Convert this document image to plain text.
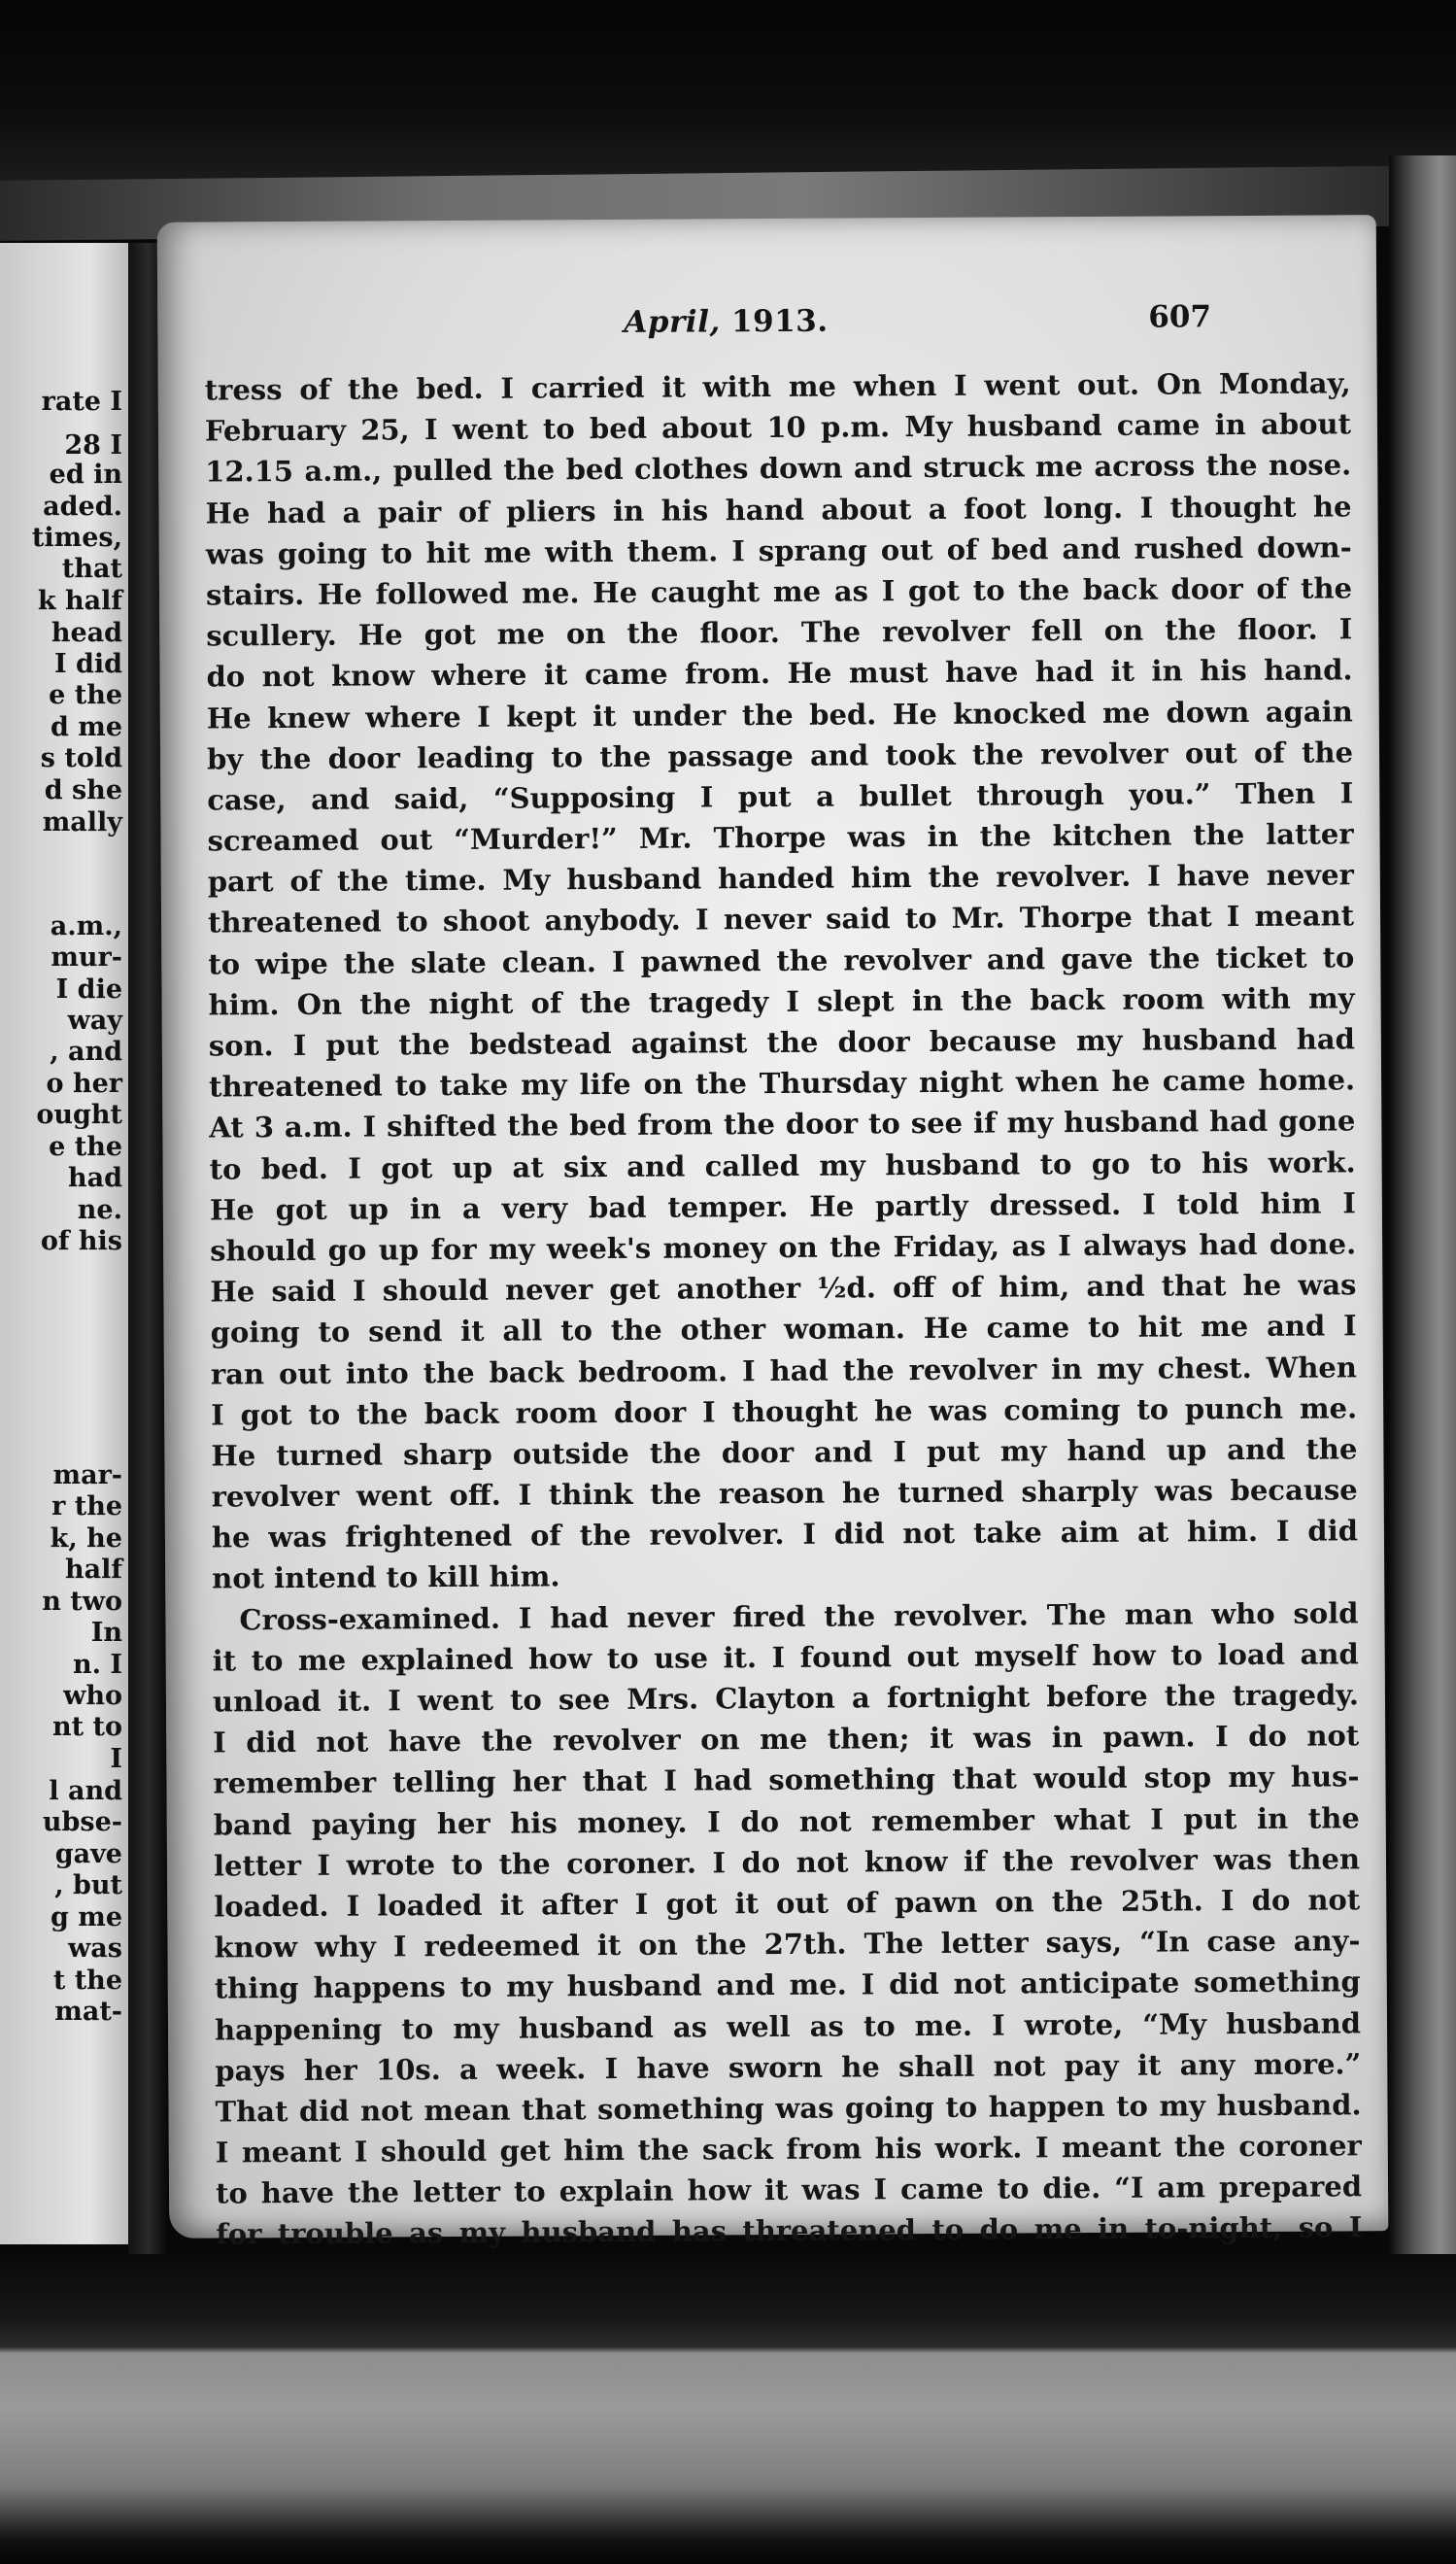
rate I
28 I
ed in
aded.
times,
that
k half
head
I did
e the
d me
s told
d she
mally
a.m.,
mur-
I die
way
, and
o her
ought
e the
had
ne.
of his
mar-
r the
k, he
half
n two
In
n. I
who
nt to
I
l and
ubse-
gave
, but
g me
was
t the
mat-
April, 1913.	607
tress of the bed. I carried it with me when I went out. On Monday,
February 25, I went to bed about 10 p.m. My husband came in about
12.15 a.m., pulled the bed clothes down and struck me across the nose.
He had a pair of pliers in his hand about a foot long. I thought he
was going to hit me with them. I sprang out of bed and rushed down-
stairs. He followed me. He caught me as I got to the back door of the
scullery. He got me on the floor. The revolver fell on the floor. I
do not know where it came from. He must have had it in his hand.
He knew where I kept it under the bed. He knocked me down again
by the door leading to the passage and took the revolver out of the
case, and said, “Supposing I put a bullet through you.” Then I
screamed out “Murder!” Mr. Thorpe was in the kitchen the latter
part of the time. My husband handed him the revolver. I have never
threatened to shoot anybody. I never said to Mr. Thorpe that I meant
to wipe the slate clean. I pawned the revolver and gave the ticket to
him. On the night of the tragedy I slept in the back room with my
son. I put the bedstead against the door because my husband had
threatened to take my life on the Thursday night when he came home.
At 3 a.m. I shifted the bed from the door to see if my husband had gone
to bed. I got up at six and called my husband to go to his work.
He got up in a very bad temper. He partly dressed. I told him I
should go up for my week's money on the Friday, as I always had done.
He said I should never get another ½d. off of him, and that he was
going to send it all to the other woman. He came to hit me and I
ran out into the back bedroom. I had the revolver in my chest. When
I got to the back room door I thought he was coming to punch me.
He turned sharp outside the door and I put my hand up and the
revolver went off. I think the reason he turned sharply was because
he was frightened of the revolver. I did not take aim at him. I did
not intend to kill him.
Cross-examined. I had never fired the revolver. The man who sold
it to me explained how to use it. I found out myself how to load and
unload it. I went to see Mrs. Clayton a fortnight before the tragedy.
I did not have the revolver on me then; it was in pawn. I do not
remember telling her that I had something that would stop my hus-
band paying her his money. I do not remember what I put in the
letter I wrote to the coroner. I do not know if the revolver was then
loaded. I loaded it after I got it out of pawn on the 25th. I do not
know why I redeemed it on the 27th. The letter says, “In case any-
thing happens to my husband and me. I did not anticipate something
happening to my husband as well as to me. I wrote, “My husband
pays her 10s. a week. I have sworn he shall not pay it any more.”
That did not mean that something was going to happen to my husband.
I meant I should get him the sack from his work. I meant the coroner
to have the letter to explain how it was I came to die. “I am prepared
for trouble as my husband has threatened to do me in to-night, so I
